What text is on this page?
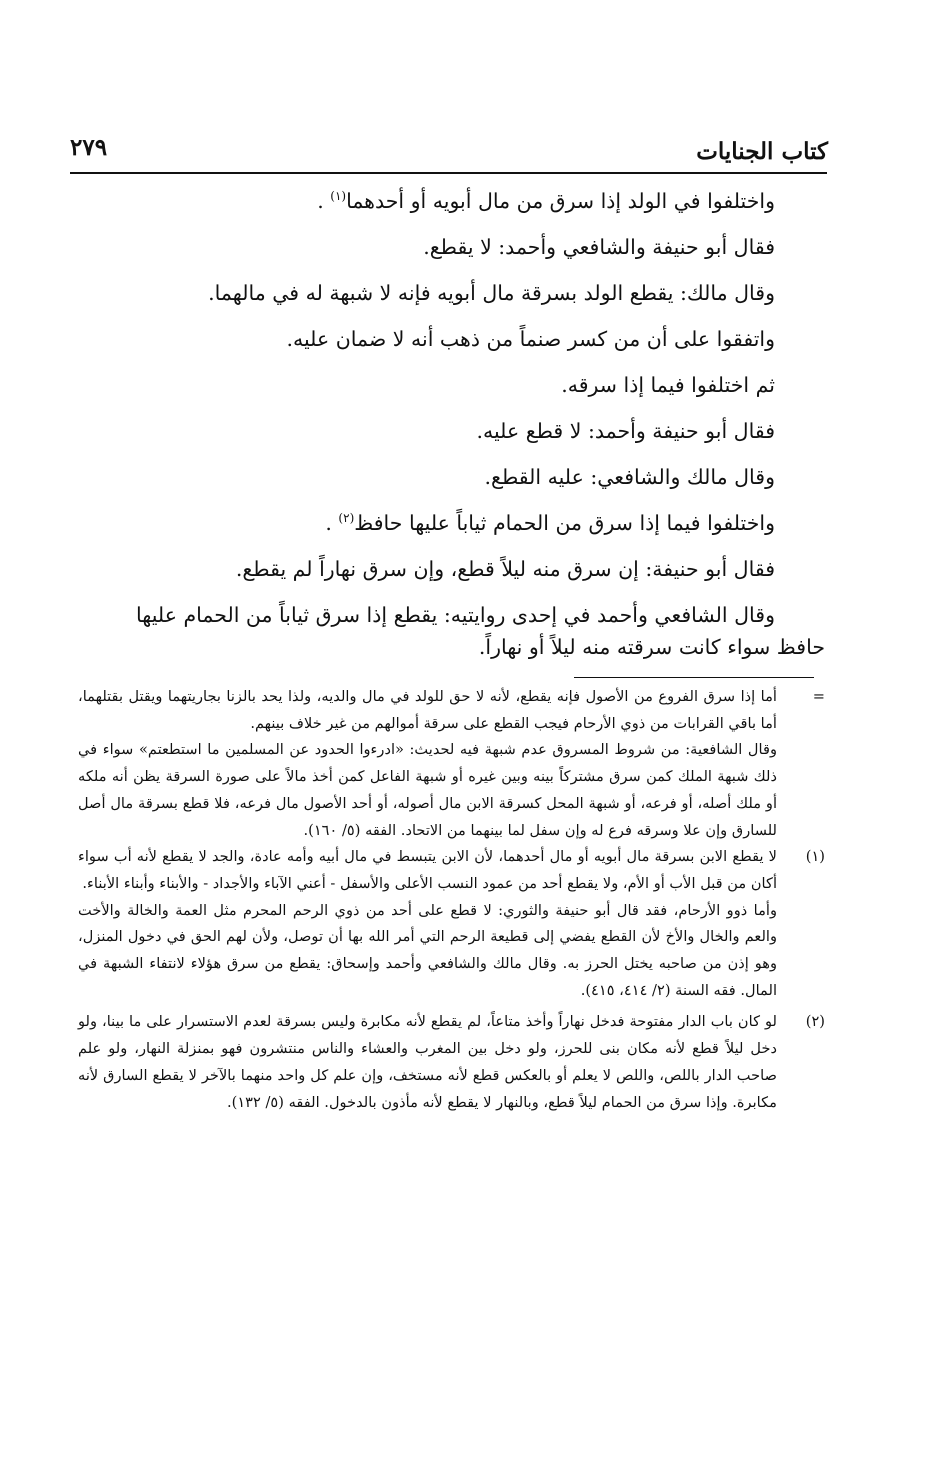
كتاب الجنايات
٢٧٩
واختلفوا في الولد إذا سرق من مال أبويه أو أحدهما$^{(١)}$ .
فقال أبو حنيفة والشافعي وأحمد: لا يقطع.
وقال مالك: يقطع الولد بسرقة مال أبويه فإنه لا شبهة له في مالهما.
واتفقوا على أن من كسر صنماً من ذهب أنه لا ضمان عليه.
ثم اختلفوا فيما إذا سرقه.
فقال أبو حنيفة وأحمد: لا قطع عليه.
وقال مالك والشافعي: عليه القطع.
واختلفوا فيما إذا سرق من الحمام ثياباً عليها حافظ$^{(٢)}$ .
فقال أبو حنيفة: إن سرق منه ليلاً قطع، وإن سرق نهاراً لم يقطع.
وقال الشافعي وأحمد في إحدى روايتيه: يقطع إذا سرق ثياباً من الحمام عليها
حافظ سواء كانت سرقته منه ليلاً أو نهاراً.
=
أما إذا سرق الفروع من الأصول فإنه يقطع، لأنه لا حق للولد في مال والديه، ولذا يحد بالزنا بجاريتهما ويقتل بقتلهما، أما باقي القرابات من ذوي الأرحام فيجب القطع على سرقة أموالهم من غير خلاف بينهم.
وقال الشافعية: من شروط المسروق عدم شبهة فيه لحديث: «ادرءوا الحدود عن المسلمين ما استطعتم» سواء في ذلك شبهة الملك كمن سرق مشتركاً بينه وبين غيره أو شبهة الفاعل كمن أخذ مالاً على صورة السرقة يظن أنه ملكه أو ملك أصله، أو فرعه، أو شبهة المحل كسرقة الابن مال أصوله، أو أحد الأصول مال فرعه، فلا قطع بسرقة مال أصل للسارق وإن علا وسرقه فرع له وإن سفل لما بينهما من الاتحاد. الفقه (٥/ ١٦٠).
(١)
لا يقطع الابن بسرقة مال أبويه أو مال أحدهما، لأن الابن يتبسط في مال أبيه وأمه عادة، والجد لا يقطع لأنه أب سواء أكان من قبل الأب أو الأم، ولا يقطع أحد من عمود النسب الأعلى والأسفل - أعني الآباء والأجداد - والأبناء وأبناء الأبناء.
وأما ذوو الأرحام، فقد قال أبو حنيفة والثوري: لا قطع على أحد من ذوي الرحم المحرم مثل العمة والخالة والأخت والعم والخال والأخ لأن القطع يفضي إلى قطيعة الرحم التي أمر الله بها أن توصل، ولأن لهم الحق في دخول المنزل، وهو إذن من صاحبه يختل الحرز به. وقال مالك والشافعي وأحمد وإسحاق: يقطع من سرق هؤلاء لانتفاء الشبهة في المال. فقه السنة (٢/ ٤١٤، ٤١٥).
(٢)
لو كان باب الدار مفتوحة فدخل نهاراً وأخذ متاعاً، لم يقطع لأنه مكابرة وليس بسرقة لعدم الاستسرار على ما بينا، ولو دخل ليلاً قطع لأنه مكان بنى للحرز، ولو دخل بين المغرب والعشاء والناس منتشرون فهو بمنزلة النهار، ولو علم صاحب الدار باللص، واللص لا يعلم أو بالعكس قطع لأنه مستخف، وإن علم كل واحد منهما بالآخر لا يقطع السارق لأنه مكابرة. وإذا سرق من الحمام ليلاً قطع، وبالنهار لا يقطع لأنه مأذون بالدخول. الفقه (٥/ ١٣٢).
